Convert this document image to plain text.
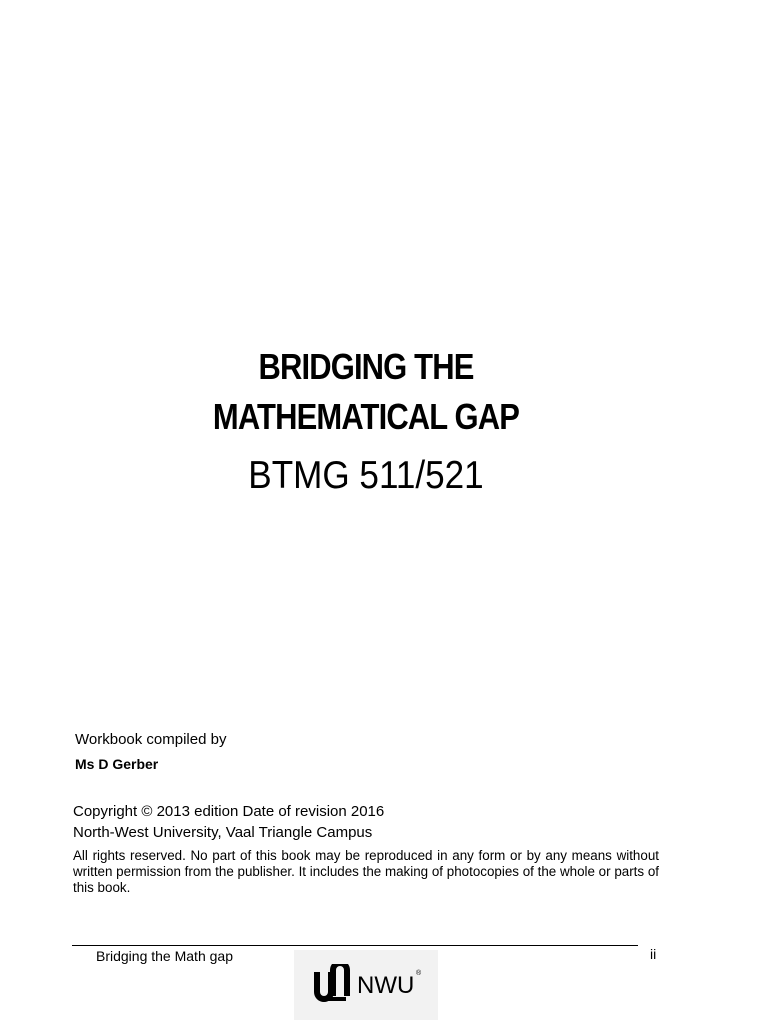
BRIDGING THE
MATHEMATICAL GAP
BTMG 511/521
Workbook compiled by
Ms D Gerber
Copyright © 2013 edition Date of revision 2016
North-West University, Vaal Triangle Campus
All rights reserved. No part of this book may be reproduced in any form or by any means without written permission from the publisher. It includes the making of photocopies of the whole or parts of this book.
Bridging the Math gap	ii
NWU ®
